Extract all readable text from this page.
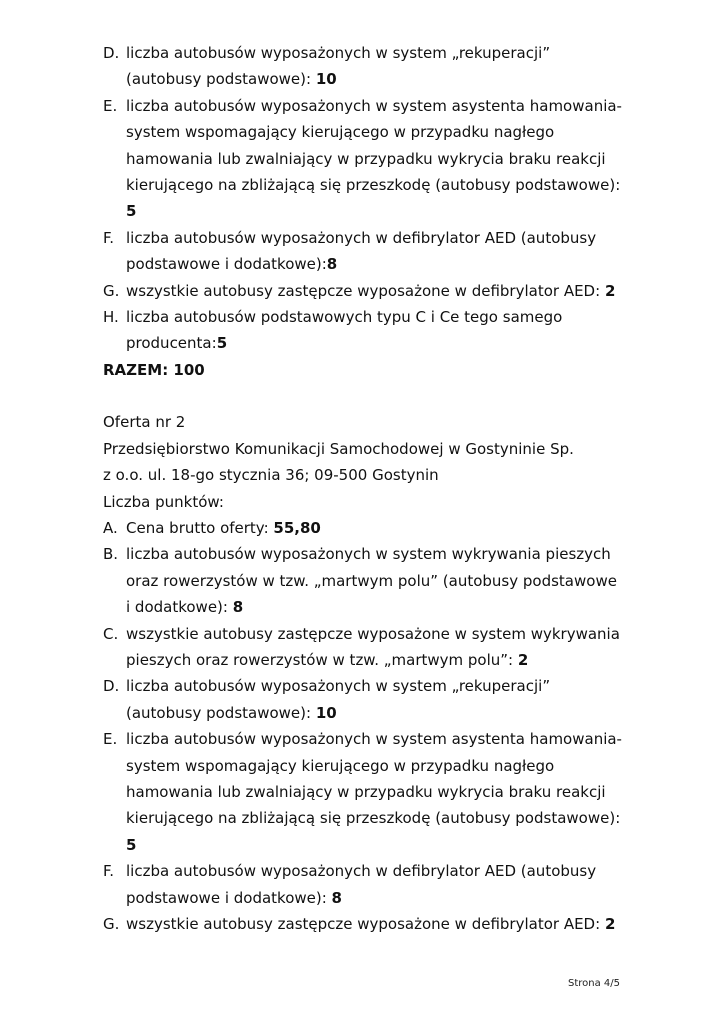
D. liczba autobusów wyposażonych w system „rekuperacji”
(autobusy podstawowe): 10
E. liczba autobusów wyposażonych w system asystenta hamowania-
system wspomagający kierującego w przypadku nagłego
hamowania lub zwalniający w przypadku wykrycia braku reakcji
kierującego na zbliżającą się przeszkodę (autobusy podstawowe):
5
F. liczba autobusów wyposażonych w defibrylator AED (autobusy
podstawowe i dodatkowe):8
G. wszystkie autobusy zastępcze wyposażone w defibrylator AED: 2
H. liczba autobusów podstawowych typu C i Ce tego samego
producenta:5
RAZEM: 100
Oferta nr 2
Przedsiębiorstwo Komunikacji Samochodowej w Gostyninie Sp.
z o.o. ul. 18-go stycznia 36; 09-500 Gostynin
Liczba punktów:
A. Cena brutto oferty: 55,80
B. liczba autobusów wyposażonych w system wykrywania pieszych
oraz rowerzystów w tzw. „martwym polu” (autobusy podstawowe
i dodatkowe): 8
C. wszystkie autobusy zastępcze wyposażone w system wykrywania
pieszych oraz rowerzystów w tzw. „martwym polu”: 2
D. liczba autobusów wyposażonych w system „rekuperacji”
(autobusy podstawowe): 10
E. liczba autobusów wyposażonych w system asystenta hamowania-
system wspomagający kierującego w przypadku nagłego
hamowania lub zwalniający w przypadku wykrycia braku reakcji
kierującego na zbliżającą się przeszkodę (autobusy podstawowe):
5
F. liczba autobusów wyposażonych w defibrylator AED (autobusy
podstawowe i dodatkowe): 8
G. wszystkie autobusy zastępcze wyposażone w defibrylator AED: 2
Strona 4/5
